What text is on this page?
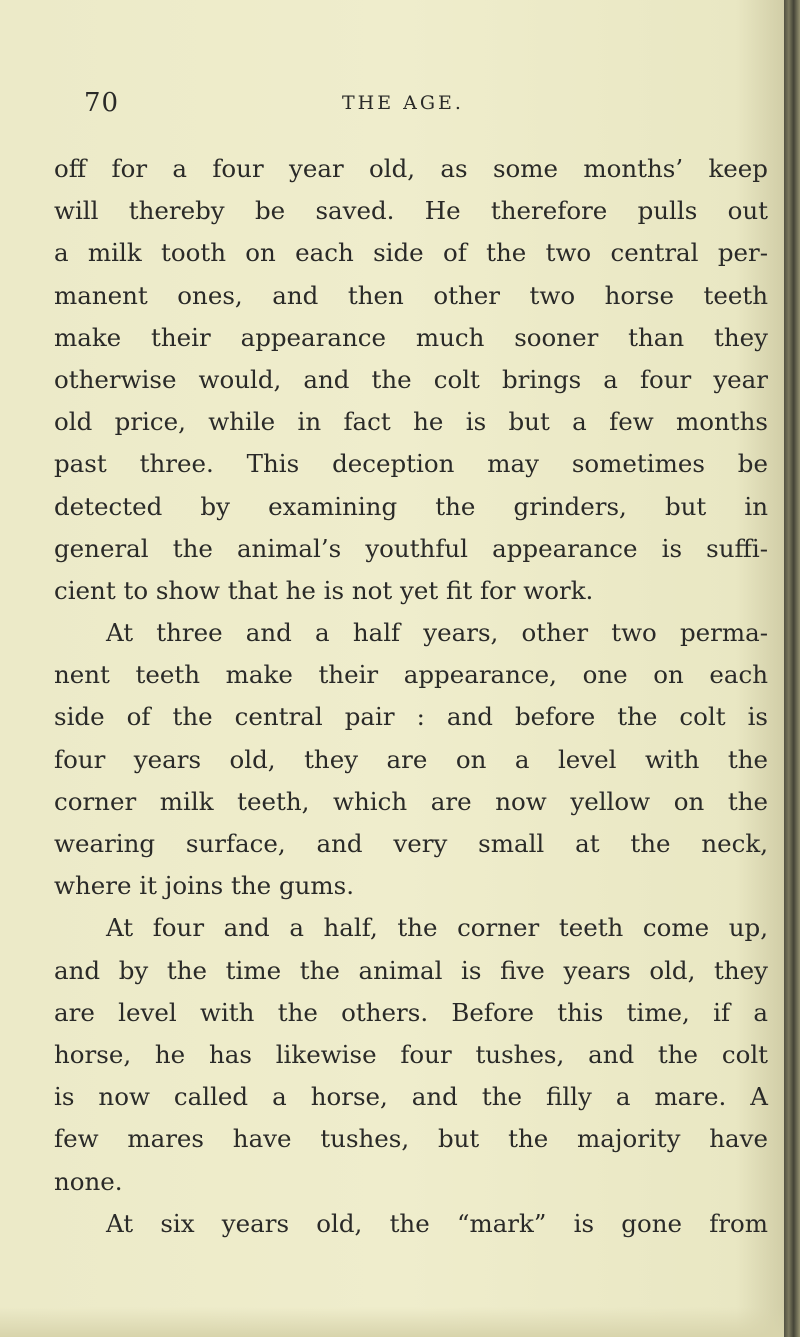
70	THE AGE.
off for a four year old, as some months’ keep
will thereby be saved. He therefore pulls out
a milk tooth on each side of the two central per-
manent ones, and then other two horse teeth
make their appearance much sooner than they
otherwise would, and the colt brings a four year
old price, while in fact he is but a few months
past three. This deception may sometimes be
detected by examining the grinders, but in
general the animal’s youthful appearance is suffi-
cient to show that he is not yet fit for work.
At three and a half years, other two perma-
nent teeth make their appearance, one on each
side of the central pair : and before the colt is
four years old, they are on a level with the
corner milk teeth, which are now yellow on the
wearing surface, and very small at the neck,
where it joins the gums.
At four and a half, the corner teeth come up,
and by the time the animal is five years old, they
are level with the others. Before this time, if a
horse, he has likewise four tushes, and the colt
is now called a horse, and the filly a mare. A
few mares have tushes, but the majority have
none.
At six years old, the “mark” is gone from
